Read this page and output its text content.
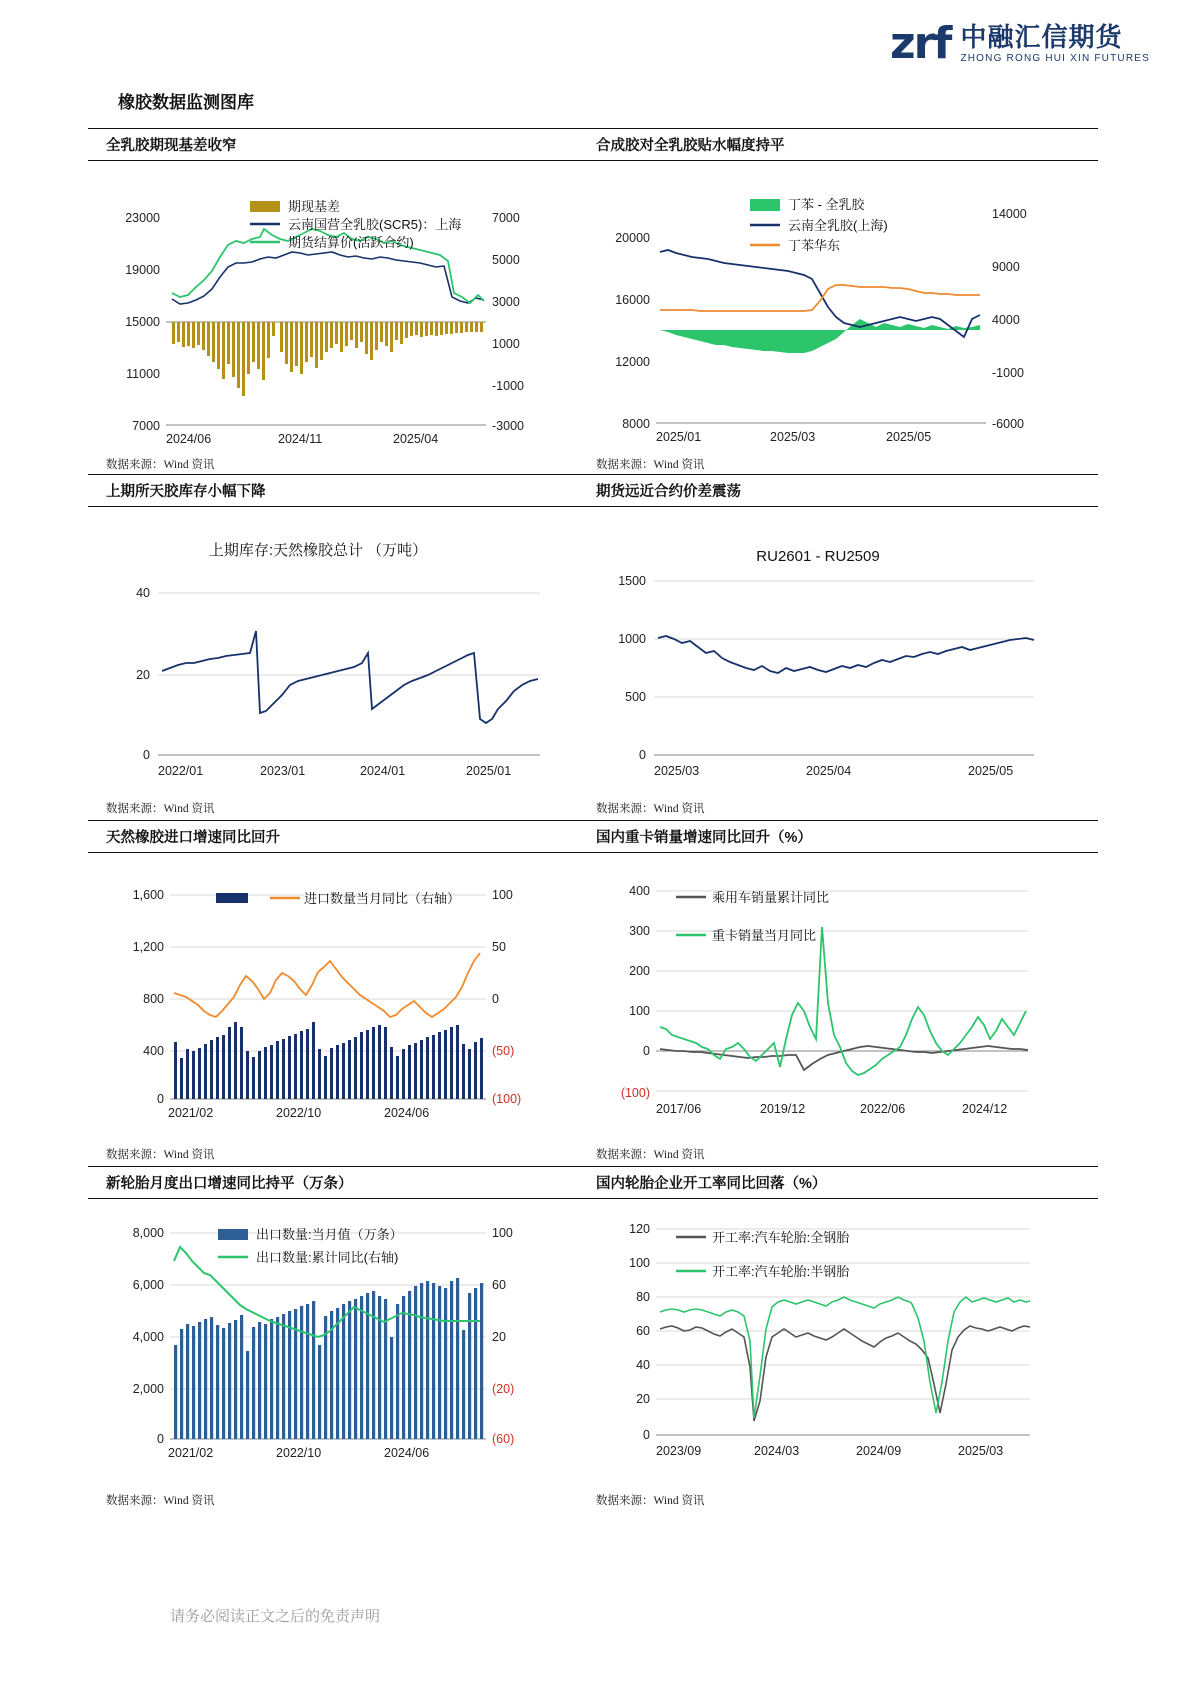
zrf 中融汇信期货
ZHONG RONG HUI XIN FUTURES
橡胶数据监测图库
全乳胶期现基差收窄
23000
19000
15000
11000
7000
7000
5000
3000
1000
-1000
-3000
期现基差
云南国营全乳胶(SCR5)：上海
期货结算价(活跃合约)
2024/06	2024/11	2025/04
数据来源：Wind 资讯
合成胶对全乳胶贴水幅度持平
20000
16000
12000
8000
14000
9000
4000
-1000
-6000
丁苯 - 全乳胶
云南全乳胶(上海)
丁苯华东
2025/01	2025/03	2025/05
数据来源：Wind 资讯
上期所天胶库存小幅下降
上期库存:天然橡胶总计 （万吨）
40
20
0
2022/01	2023/01	2024/01	2025/01
数据来源：Wind 资讯
期货远近合约价差震荡
RU2601 - RU2509
1500
1000
500
0
2025/03	2025/04	2025/05
数据来源：Wind 资讯
天然橡胶进口增速同比回升
1,600
1,200
800
400
0
100
50
0
(50)
(100)
进口数量当月同比（右轴）
2021/02	2022/10	2024/06
数据来源：Wind 资讯
国内重卡销量增速同比回升（%）
400
300
200
100
0
(100)
乘用车销量累计同比
重卡销量当月同比
2017/06	2019/12	2022/06	2024/12
数据来源：Wind 资讯
新轮胎月度出口增速同比持平（万条）
8,000
6,000
4,000
2,000
0
100
60
20
(20)
(60)
出口数量:当月值（万条）
出口数量:累计同比(右轴)
2021/02	2022/10	2024/06
数据来源：Wind 资讯
国内轮胎企业开工率同比回落（%）
120
100
80
60
40
20
0
开工率:汽车轮胎:全钢胎
开工率:汽车轮胎:半钢胎
2023/09	2024/03	2024/09	2025/03
数据来源：Wind 资讯
请务必阅读正文之后的免责声明
